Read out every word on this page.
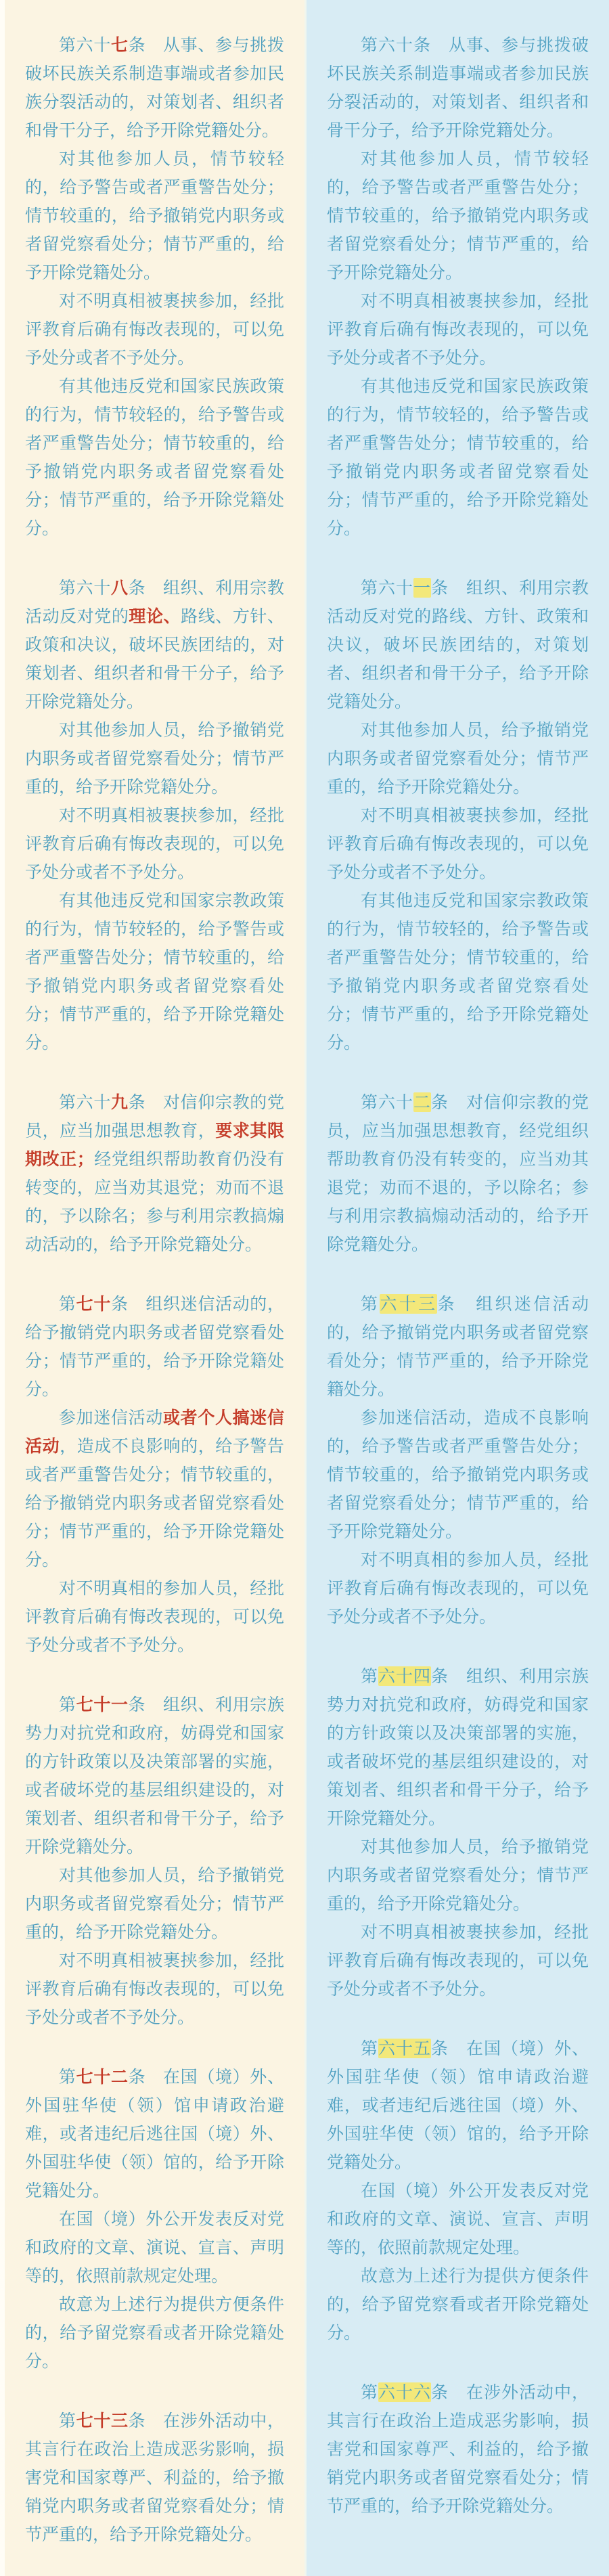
第六十七条　从事、参与挑拨破坏民族关系制造事端或者参加民族分裂活动的，对策划者、组织者和骨干分子，给予开除党籍处分。

对其他参加人员，情节较轻的，给予警告或者严重警告处分；情节较重的，给予撤销党内职务或者留党察看处分；情节严重的，给予开除党籍处分。

对不明真相被裹挟参加，经批评教育后确有悔改表现的，可以免予处分或者不予处分。

有其他违反党和国家民族政策的行为，情节较轻的，给予警告或者严重警告处分；情节较重的，给予撤销党内职务或者留党察看处分；情节严重的，给予开除党籍处分。

第六十八条　组织、利用宗教活动反对党的理论、路线、方针、政策和决议，破坏民族团结的，对策划者、组织者和骨干分子，给予开除党籍处分。

对其他参加人员，给予撤销党内职务或者留党察看处分；情节严重的，给予开除党籍处分。

对不明真相被裹挟参加，经批评教育后确有悔改表现的，可以免予处分或者不予处分。

有其他违反党和国家宗教政策的行为，情节较轻的，给予警告或者严重警告处分；情节较重的，给予撤销党内职务或者留党察看处分；情节严重的，给予开除党籍处分。

第六十九条　对信仰宗教的党员，应当加强思想教育，要求其限期改正；经党组织帮助教育仍没有转变的，应当劝其退党；劝而不退的，予以除名；参与利用宗教搞煽动活动的，给予开除党籍处分。

第七十条　组织迷信活动的，给予撤销党内职务或者留党察看处分；情节严重的，给予开除党籍处分。

参加迷信活动或者个人搞迷信活动，造成不良影响的，给予警告或者严重警告处分；情节较重的，给予撤销党内职务或者留党察看处分；情节严重的，给予开除党籍处分。

对不明真相的参加人员，经批评教育后确有悔改表现的，可以免予处分或者不予处分。

第七十一条　组织、利用宗族势力对抗党和政府，妨碍党和国家的方针政策以及决策部署的实施，或者破坏党的基层组织建设的，对策划者、组织者和骨干分子，给予开除党籍处分。

对其他参加人员，给予撤销党内职务或者留党察看处分；情节严重的，给予开除党籍处分。

对不明真相被裹挟参加，经批评教育后确有悔改表现的，可以免予处分或者不予处分。

第七十二条　在国（境）外、外国驻华使（领）馆申请政治避难，或者违纪后逃往国（境）外、外国驻华使（领）馆的，给予开除党籍处分。

在国（境）外公开发表反对党和政府的文章、演说、宣言、声明等的，依照前款规定处理。

故意为上述行为提供方便条件的，给予留党察看或者开除党籍处分。

第七十三条　在涉外活动中，其言行在政治上造成恶劣影响，损害党和国家尊严、利益的，给予撤销党内职务或者留党察看处分；情节严重的，给予开除党籍处分。

第六十条　从事、参与挑拨破坏民族关系制造事端或者参加民族分裂活动的，对策划者、组织者和骨干分子，给予开除党籍处分。

对其他参加人员，情节较轻的，给予警告或者严重警告处分；情节较重的，给予撤销党内职务或者留党察看处分；情节严重的，给予开除党籍处分。

对不明真相被裹挟参加，经批评教育后确有悔改表现的，可以免予处分或者不予处分。

有其他违反党和国家民族政策的行为，情节较轻的，给予警告或者严重警告处分；情节较重的，给予撤销党内职务或者留党察看处分；情节严重的，给予开除党籍处分。

第六十一条　组织、利用宗教活动反对党的路线、方针、政策和决议，破坏民族团结的，对策划者、组织者和骨干分子，给予开除党籍处分。

对其他参加人员，给予撤销党内职务或者留党察看处分；情节严重的，给予开除党籍处分。

对不明真相被裹挟参加，经批评教育后确有悔改表现的，可以免予处分或者不予处分。

有其他违反党和国家宗教政策的行为，情节较轻的，给予警告或者严重警告处分；情节较重的，给予撤销党内职务或者留党察看处分；情节严重的，给予开除党籍处分。

第六十二条　对信仰宗教的党员，应当加强思想教育，经党组织帮助教育仍没有转变的，应当劝其退党；劝而不退的，予以除名；参与利用宗教搞煽动活动的，给予开除党籍处分。

第六十三条　组织迷信活动的，给予撤销党内职务或者留党察看处分；情节严重的，给予开除党籍处分。

参加迷信活动，造成不良影响的，给予警告或者严重警告处分；情节较重的，给予撤销党内职务或者留党察看处分；情节严重的，给予开除党籍处分。

对不明真相的参加人员，经批评教育后确有悔改表现的，可以免予处分或者不予处分。

第六十四条　组织、利用宗族势力对抗党和政府，妨碍党和国家的方针政策以及决策部署的实施，或者破坏党的基层组织建设的，对策划者、组织者和骨干分子，给予开除党籍处分。

对其他参加人员，给予撤销党内职务或者留党察看处分；情节严重的，给予开除党籍处分。

对不明真相被裹挟参加，经批评教育后确有悔改表现的，可以免予处分或者不予处分。

第六十五条　在国（境）外、外国驻华使（领）馆申请政治避难，或者违纪后逃往国（境）外、外国驻华使（领）馆的，给予开除党籍处分。

在国（境）外公开发表反对党和政府的文章、演说、宣言、声明等的，依照前款规定处理。

故意为上述行为提供方便条件的，给予留党察看或者开除党籍处分。

第六十六条　在涉外活动中，其言行在政治上造成恶劣影响，损害党和国家尊严、利益的，给予撤销党内职务或者留党察看处分；情节严重的，给予开除党籍处分。
